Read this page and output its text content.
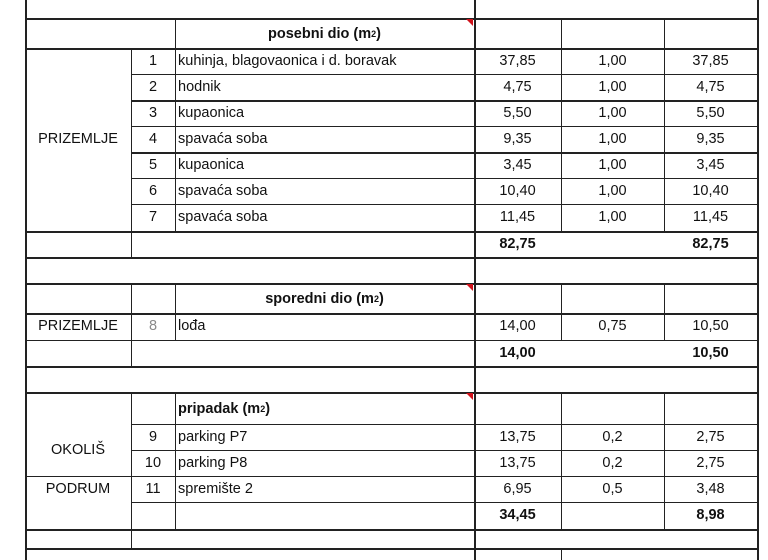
posebni dio (m 2 )
PRIZEMLJE
1	kuhinja, blagovaonica i d. boravak	37,85	1,00	37,85
2	hodnik	4,75	1,00	4,75
3	kupaonica	5,50	1,00	5,50
4	spavaća soba	9,35	1,00	9,35
5	kupaonica	3,45	1,00	3,45
6	spavaća soba	10,40	1,00	10,40
7	spavaća soba	11,45	1,00	11,45
82,75	82,75
sporedni dio (m 2 )
PRIZEMLJE	8	lođa	14,00	0,75	10,50
14,00	10,50
pripadak (m 2 )
OKOLIŠ
PODRUM
9	parking P7	13,75	0,2	2,75
10	parking P8	13,75	0,2	2,75
11	spremište 2	6,95	0,5	3,48
34,45	8,98
